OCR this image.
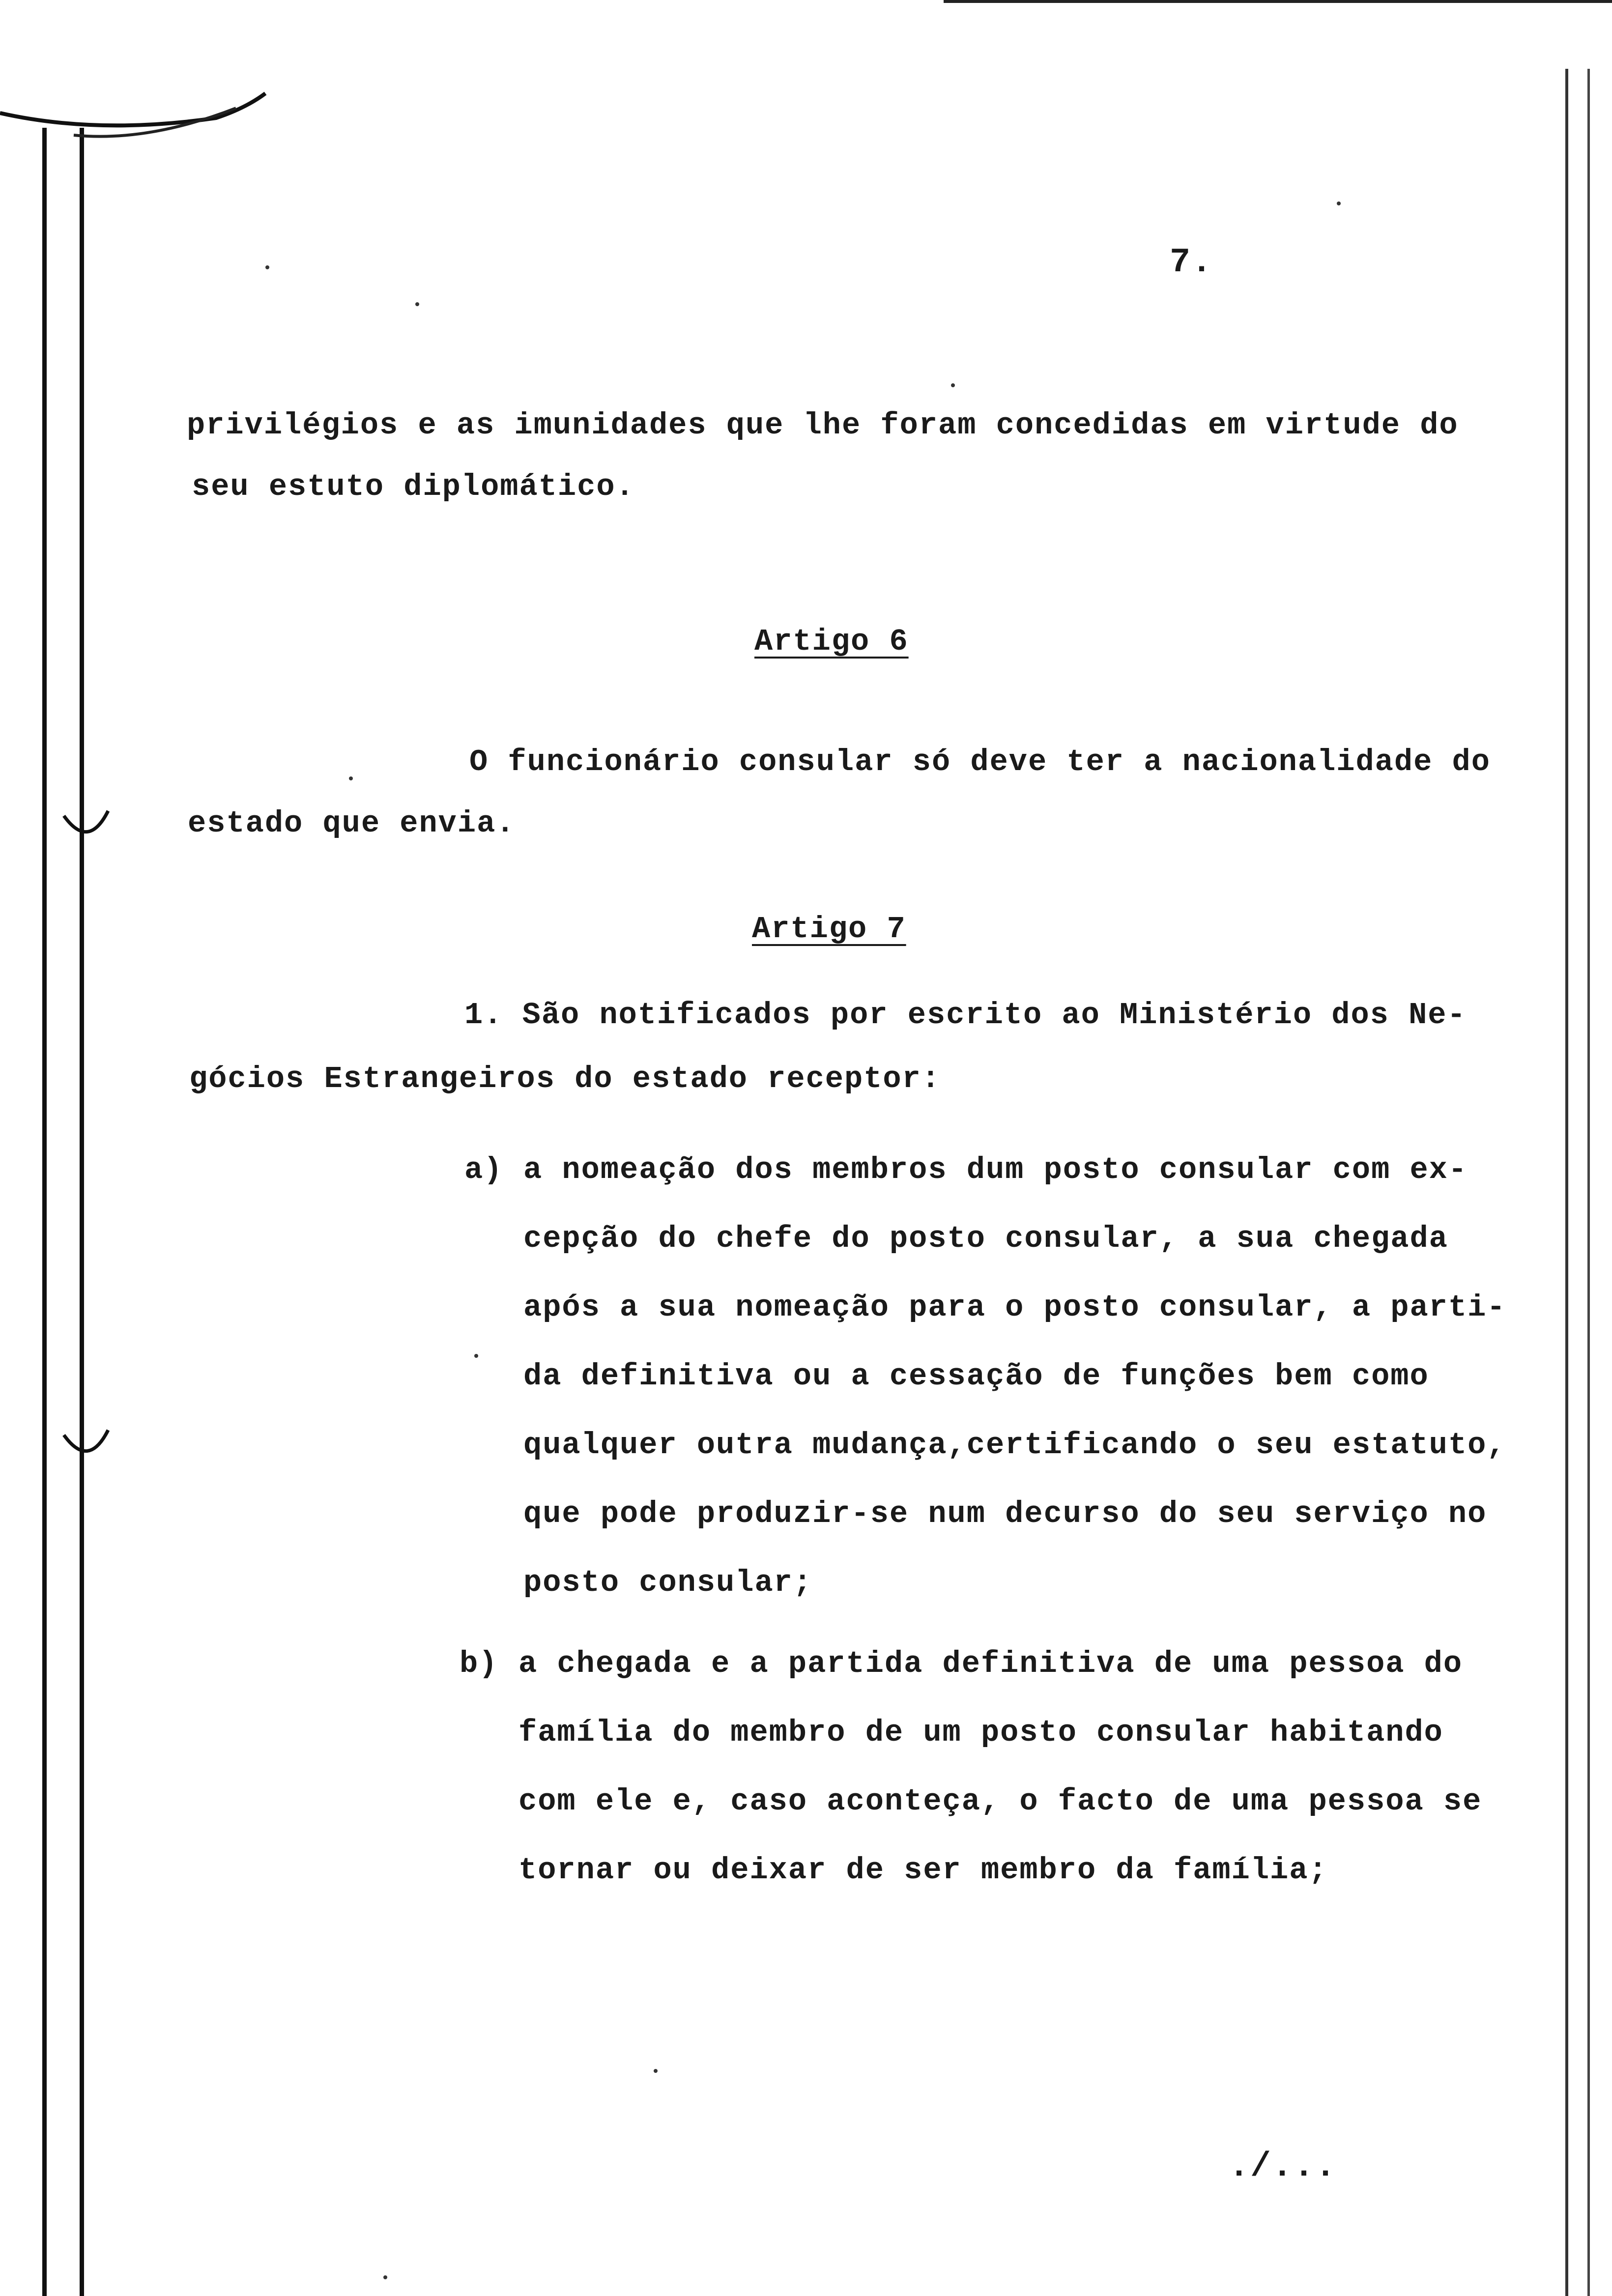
7.
privilégios e as imunidades que lhe foram concedidas em virtude do
seu estuto diplomático.
Artigo 6
O funcionário consular só deve ter a nacionalidade do
estado que envia.
Artigo 7
1. São notificados por escrito ao Ministério dos Ne-
gócios Estrangeiros do estado receptor:
a) a nomeação dos membros dum posto consular com ex-
cepção do chefe do posto consular, a sua chegada
após a sua nomeação para o posto consular, a parti-
da definitiva ou a cessação de funções bem como
qualquer outra mudança,certificando o seu estatuto,
que pode produzir-se num decurso do seu serviço no
posto consular;
b) a chegada e a partida definitiva de uma pessoa do
família do membro de um posto consular habitando
com ele e, caso aconteça, o facto de uma pessoa se
tornar ou deixar de ser membro da família;
./...
